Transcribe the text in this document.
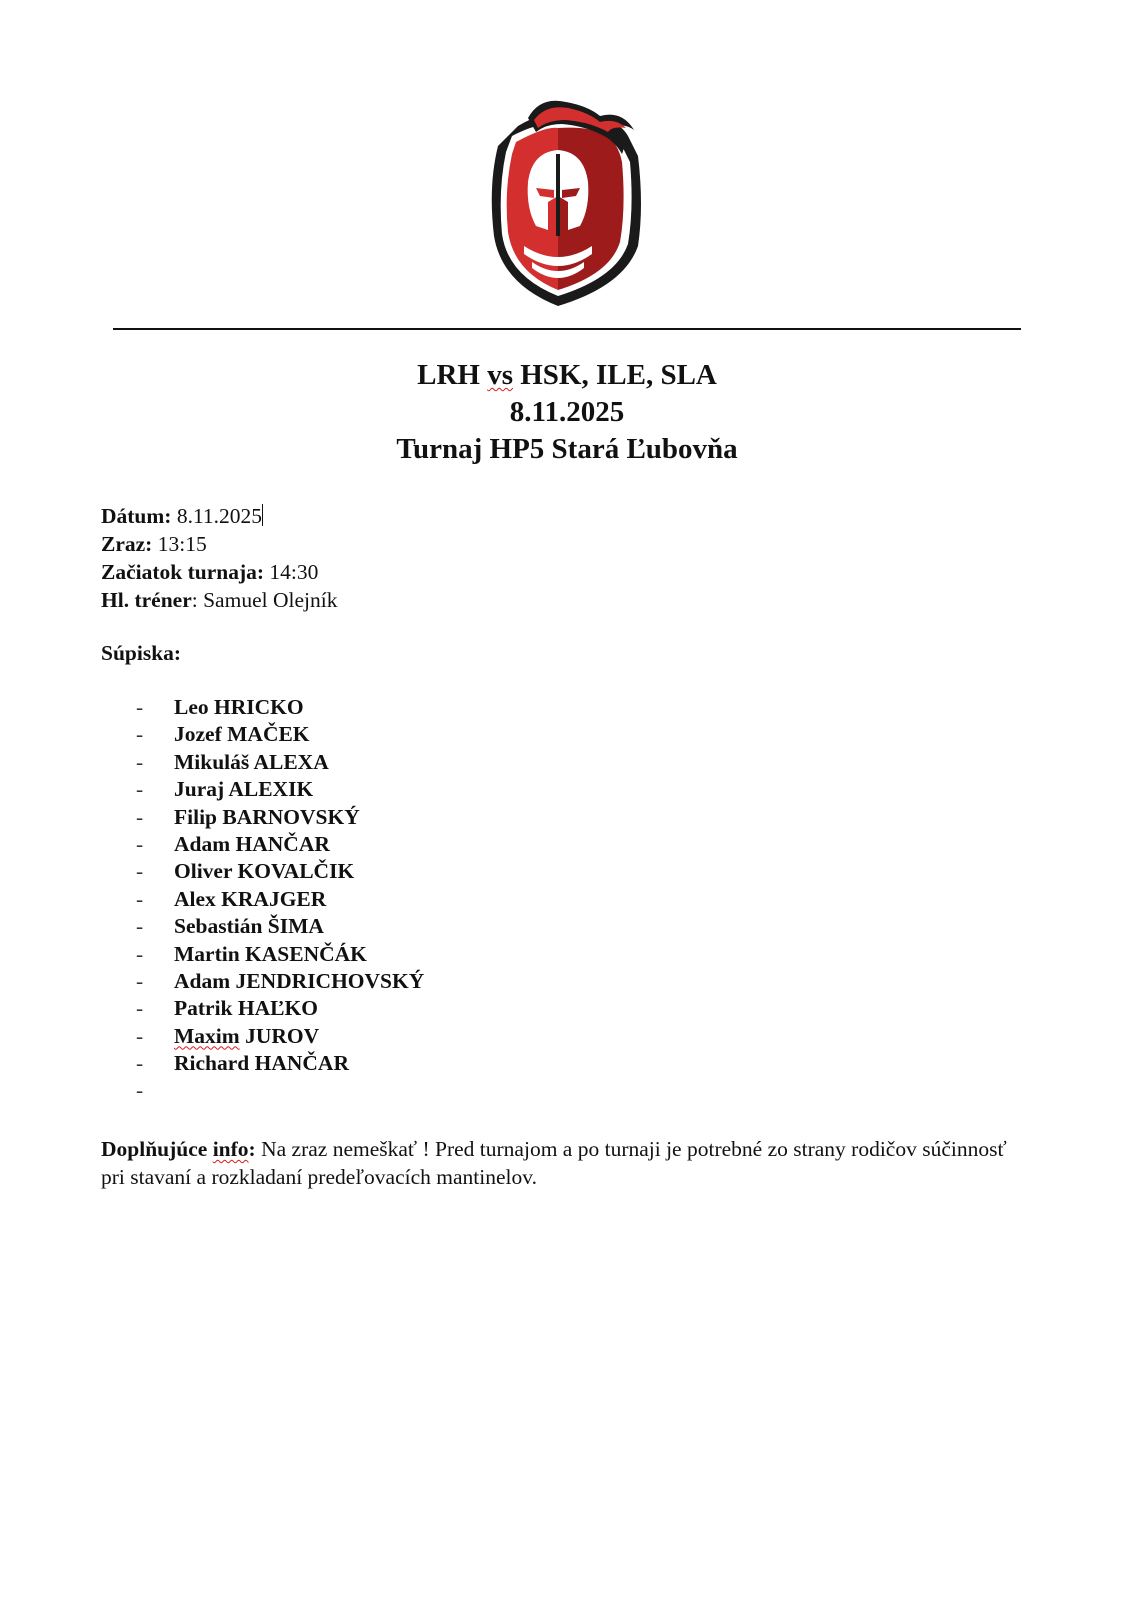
LRH vs HSK, ILE, SLA
8.11.2025
Turnaj HP5 Stará Ľubovňa
Dátum: 8.11.2025
Zraz: 13:15
Začiatok turnaja: 14:30
Hl. tréner: Samuel Olejník
Súpiska:
- Leo HRICKO
- Jozef MAČEK
- Mikuláš ALEXA
- Juraj ALEXIK
- Filip BARNOVSKÝ
- Adam HANČAR
- Oliver KOVALČIK
- Alex KRAJGER
- Sebastián ŠIMA
- Martin KASENČÁK
- Adam JENDRICHOVSKÝ
- Patrik HAĽKO
- Maxim JUROV
- Richard HANČAR
-
Doplňujúce info: Na zraz nemeškať ! Pred turnajom a po turnaji je potrebné zo strany rodičov súčinnosť pri stavaní a rozkladaní predeľovacích mantinelov.
